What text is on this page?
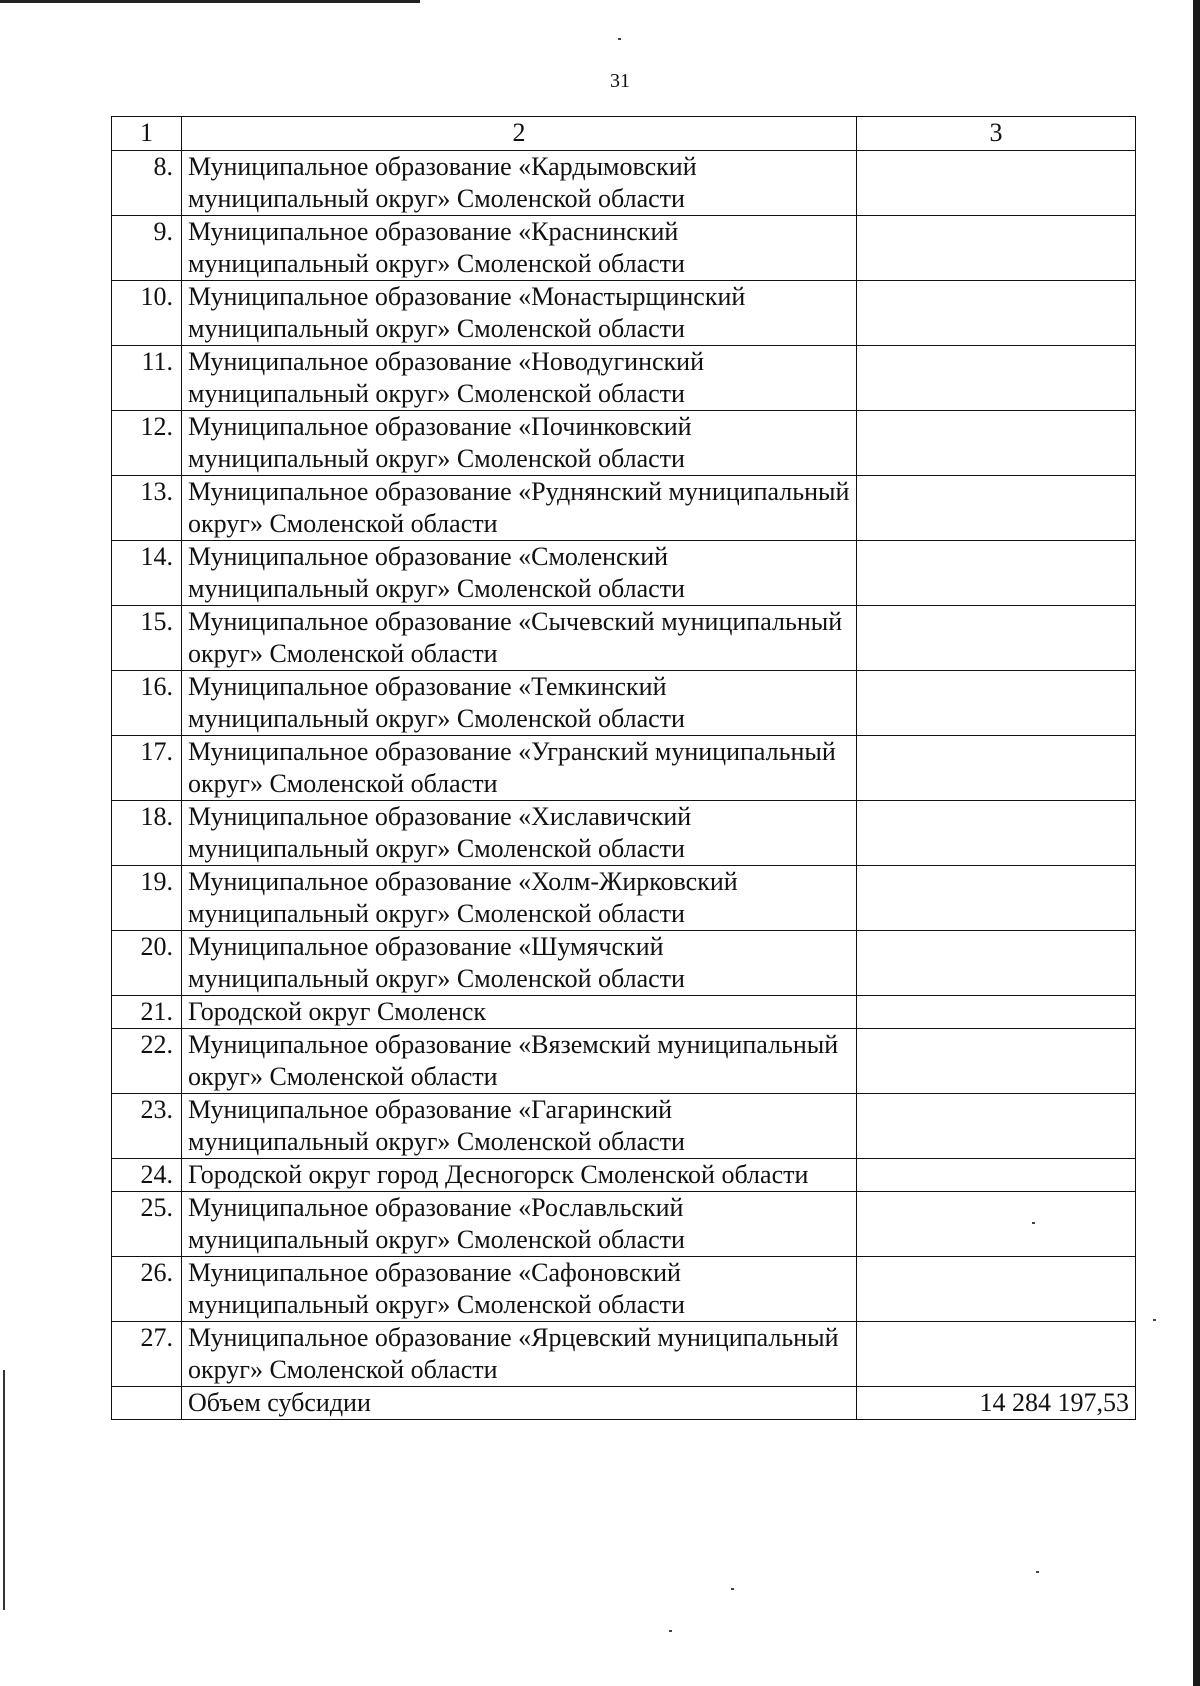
31
1	2	3
8.	Муниципальное образование «Кардымовский муниципальный округ» Смоленской области	
9.	Муниципальное образование «Краснинский муниципальный округ» Смоленской области	
10.	Муниципальное образование «Монастырщинский муниципальный округ» Смоленской области	
11.	Муниципальное образование «Новодугинский муниципальный округ» Смоленской области	
12.	Муниципальное образование «Починковский муниципальный округ» Смоленской области	
13.	Муниципальное образование «Руднянский муниципальный округ» Смоленской области	
14.	Муниципальное образование «Смоленский муниципальный округ» Смоленской области	
15.	Муниципальное образование «Сычевский муниципальный округ» Смоленской области	
16.	Муниципальное образование «Темкинский муниципальный округ» Смоленской области	
17.	Муниципальное образование «Угранский муниципальный округ» Смоленской области	
18.	Муниципальное образование «Хиславичский муниципальный округ» Смоленской области	
19.	Муниципальное образование «Холм-Жирковский муниципальный округ» Смоленской области	
20.	Муниципальное образование «Шумячский муниципальный округ» Смоленской области	
21.	Городской округ Смоленск	
22.	Муниципальное образование «Вяземский муниципальный округ» Смоленской области	
23.	Муниципальное образование «Гагаринский муниципальный округ» Смоленской области	
24.	Городской округ город Десногорск Смоленской области	
25.	Муниципальное образование «Рославльский муниципальный округ» Смоленской области	
26.	Муниципальное образование «Сафоновский муниципальный округ» Смоленской области	
27.	Муниципальное образование «Ярцевский муниципальный округ» Смоленской области	
	Объем субсидии	14 284 197,53
